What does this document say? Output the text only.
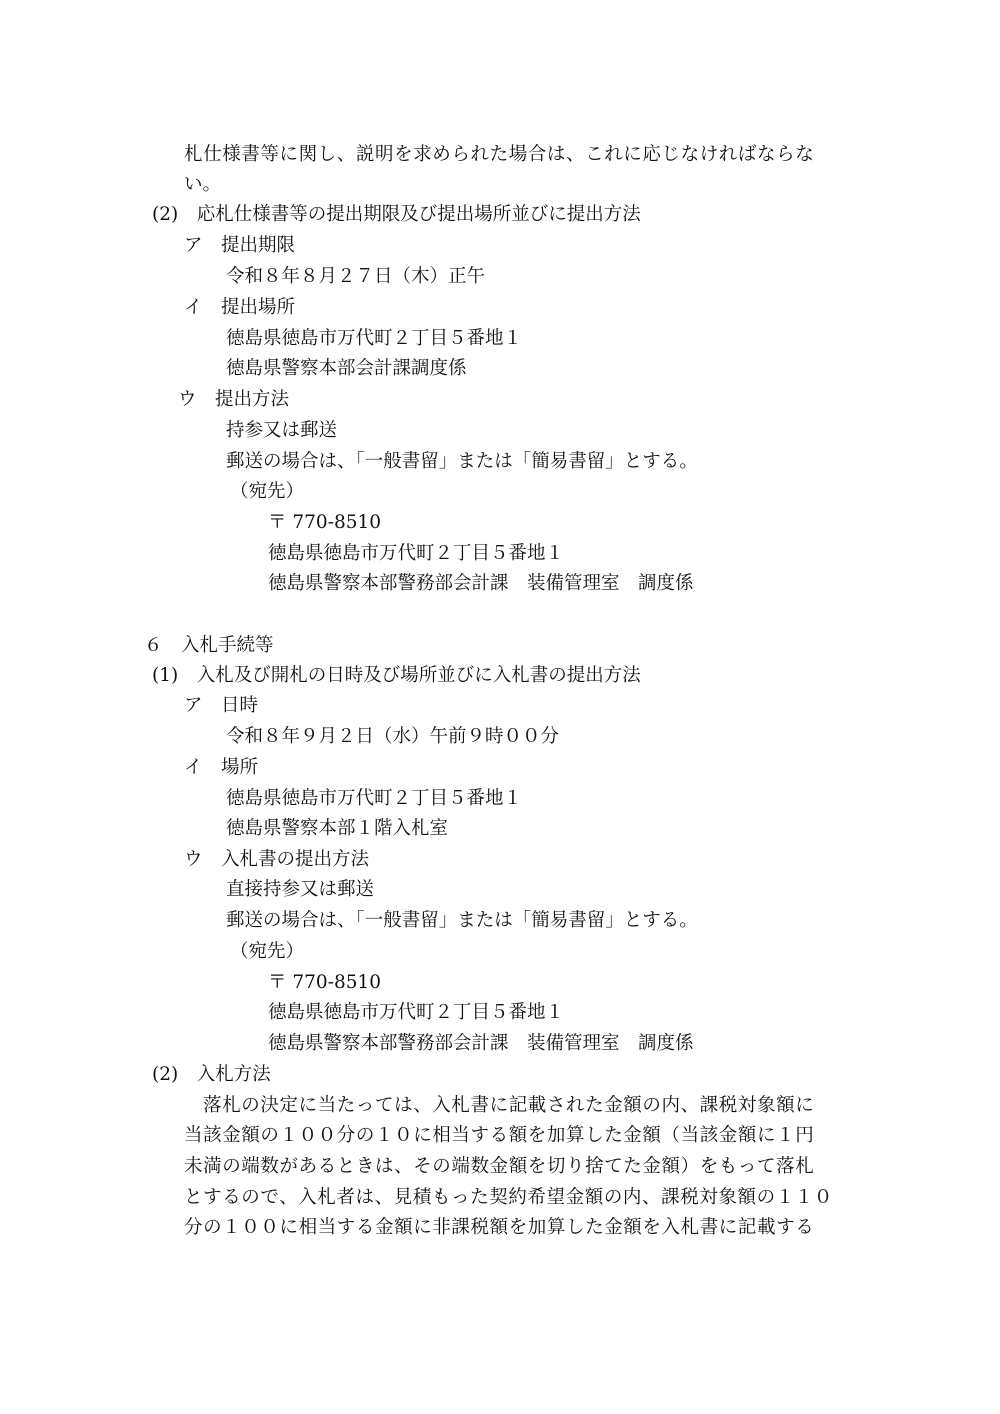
札仕様書等に関し、説明を求められた場合は、これに応じなければならな
い。
(2)　応札仕様書等の提出期限及び提出場所並びに提出方法
ア　提出期限
令和８年８月２７日（木）正午
イ　提出場所
徳島県徳島市万代町２丁目５番地１
徳島県警察本部会計課調度係
ウ　提出方法
持参又は郵送
郵送の場合は、「一般書留」または「簡易書留」とする。
（宛先）
〒 770-8510
徳島県徳島市万代町２丁目５番地１
徳島県警察本部警務部会計課　装備管理室　調度係
６　入札手続等
(1)　入札及び開札の日時及び場所並びに入札書の提出方法
ア　日時
令和８年９月２日（水）午前９時００分
イ　場所
徳島県徳島市万代町２丁目５番地１
徳島県警察本部１階入札室
ウ　入札書の提出方法
直接持参又は郵送
郵送の場合は、「一般書留」または「簡易書留」とする。
（宛先）
〒 770-8510
徳島県徳島市万代町２丁目５番地１
徳島県警察本部警務部会計課　装備管理室　調度係
(2)　入札方法
　落札の決定に当たっては、入札書に記載された金額の内、課税対象額に
当該金額の１００分の１０に相当する額を加算した金額（当該金額に１円
未満の端数があるときは、その端数金額を切り捨てた金額）をもって落札
とするので、入札者は、見積もった契約希望金額の内、課税対象額の１１０
分の１００に相当する金額に非課税額を加算した金額を入札書に記載する
